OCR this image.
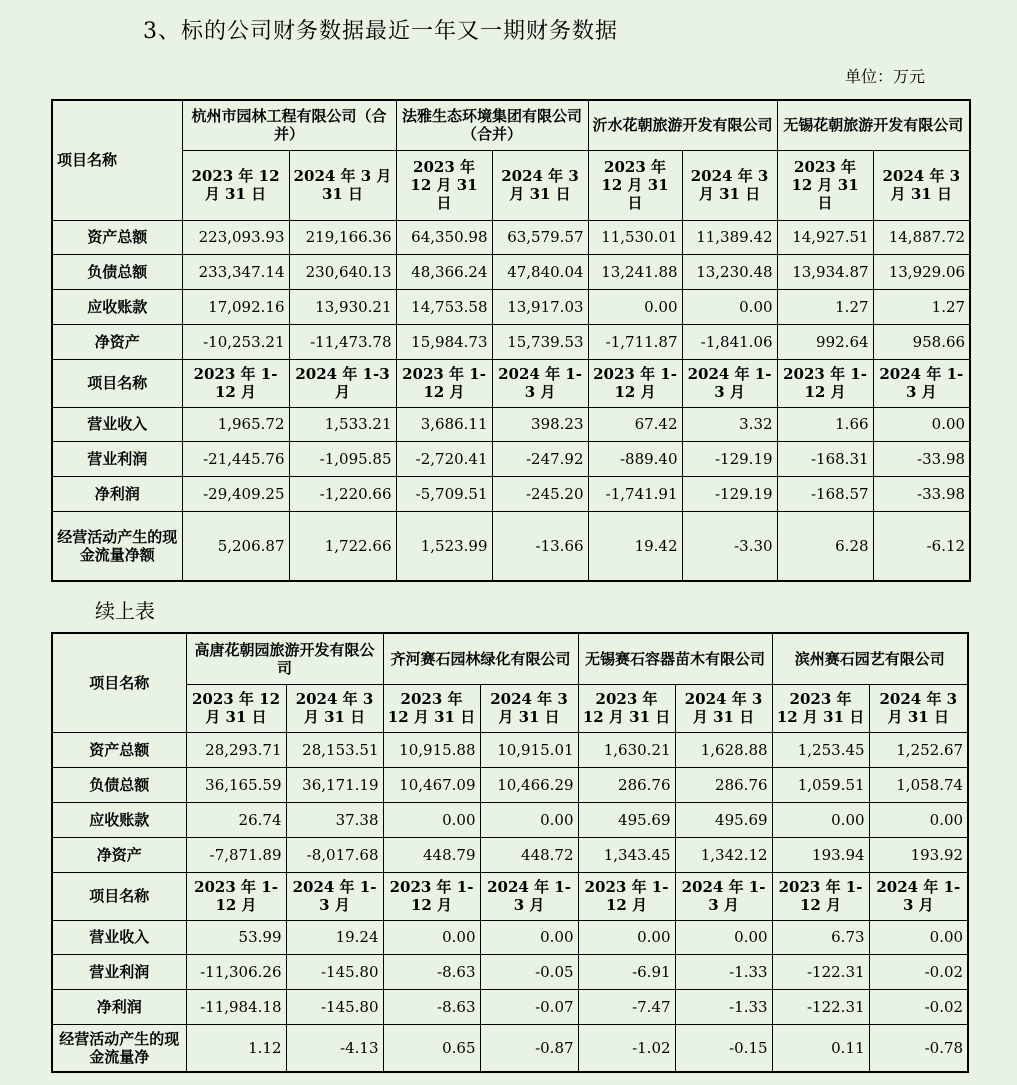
3、标的公司财务数据最近一年又一期财务数据
单位：万元
项目名称	杭州市园林工程有限公司（合并）		法雅生态环境集团有限公司（合并）		沂水花朝旅游开发有限公司		无锡花朝旅游开发有限公司	
	2023 年 12 月 31 日	2024 年 3 月 31 日	2023 年 12 月 31 日	2024 年 3 月 31 日	2023 年 12 月 31 日	2024 年 3 月 31 日	2023 年 12 月 31 日	2024 年 3 月 31 日
资产总额	223,093.93	219,166.36	64,350.98	63,579.57	11,530.01	11,389.42	14,927.51	14,887.72
负债总额	233,347.14	230,640.13	48,366.24	47,840.04	13,241.88	13,230.48	13,934.87	13,929.06
应收账款	17,092.16	13,930.21	14,753.58	13,917.03	0.00	0.00	1.27	1.27
净资产	-10,253.21	-11,473.78	15,984.73	15,739.53	-1,711.87	-1,841.06	992.64	958.66
项目名称	2023 年 1-12 月	2024 年 1-3 月	2023 年 1-12 月	2024 年 1-3 月	2023 年 1-12 月	2024 年 1-3 月	2023 年 1-12 月	2024 年 1-3 月
营业收入	1,965.72	1,533.21	3,686.11	398.23	67.42	3.32	1.66	0.00
营业利润	-21,445.76	-1,095.85	-2,720.41	-247.92	-889.40	-129.19	-168.31	-33.98
净利润	-29,409.25	-1,220.66	-5,709.51	-245.20	-1,741.91	-129.19	-168.57	-33.98
经营活动产生的现金流量净额	5,206.87	1,722.66	1,523.99	-13.66	19.42	-3.30	6.28	-6.12
续上表
项目名称	高唐花朝园旅游开发有限公司		齐河赛石园林绿化有限公司		无锡赛石容器苗木有限公司		滨州赛石园艺有限公司	
	2023 年 12 月 31 日	2024 年 3 月 31 日	2023 年 12 月 31 日	2024 年 3 月 31 日	2023 年 12 月 31 日	2024 年 3 月 31 日	2023 年 12 月 31 日	2024 年 3 月 31 日
资产总额	28,293.71	28,153.51	10,915.88	10,915.01	1,630.21	1,628.88	1,253.45	1,252.67
负债总额	36,165.59	36,171.19	10,467.09	10,466.29	286.76	286.76	1,059.51	1,058.74
应收账款	26.74	37.38	0.00	0.00	495.69	495.69	0.00	0.00
净资产	-7,871.89	-8,017.68	448.79	448.72	1,343.45	1,342.12	193.94	193.92
项目名称	2023 年 1-12 月	2024 年 1-3 月	2023 年 1-12 月	2024 年 1-3 月	2023 年 1-12 月	2024 年 1-3 月	2023 年 1-12 月	2024 年 1-3 月
营业收入	53.99	19.24	0.00	0.00	0.00	0.00	6.73	0.00
营业利润	-11,306.26	-145.80	-8.63	-0.05	-6.91	-1.33	-122.31	-0.02
净利润	-11,984.18	-145.80	-8.63	-0.07	-7.47	-1.33	-122.31	-0.02
经营活动产生的现金流量净	1.12	-4.13	0.65	-0.87	-1.02	-0.15	0.11	-0.78
